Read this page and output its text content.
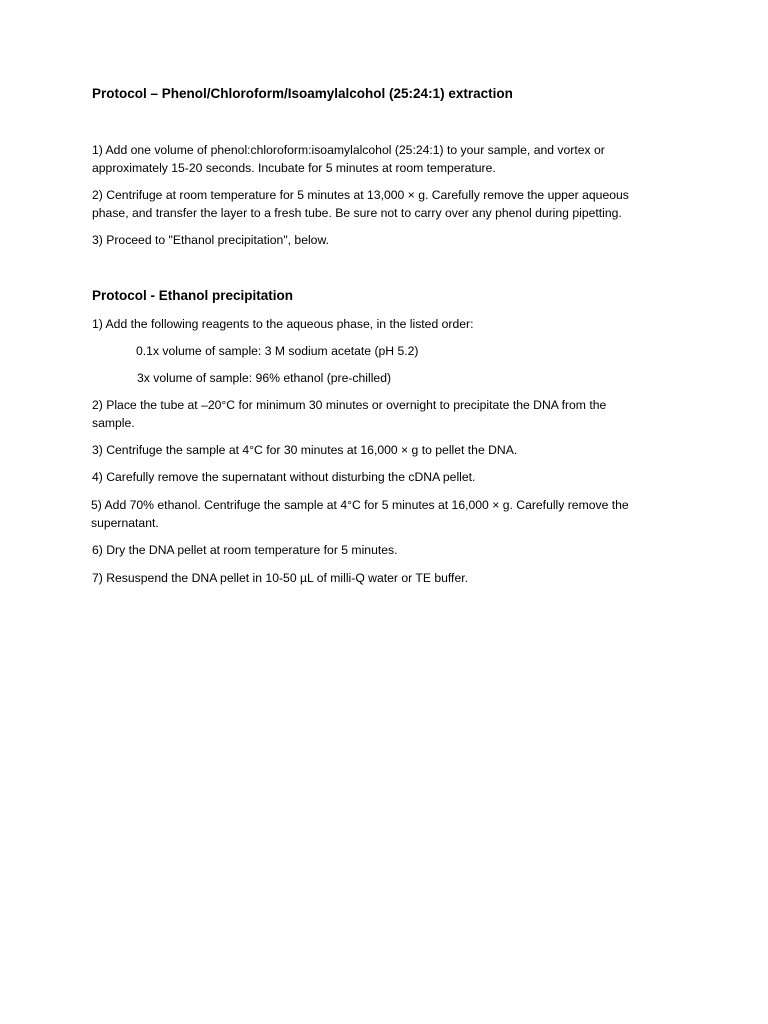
Protocol – Phenol/Chloroform/Isoamylalcohol (25:24:1) extraction
1) Add one volume of phenol:chloroform:isoamylalcohol (25:24:1) to your sample, and vortex or
approximately 15-20 seconds. Incubate for 5 minutes at room temperature.
2) Centrifuge at room temperature for 5 minutes at 13,000 × g. Carefully remove the upper aqueous
phase, and transfer the layer to a fresh tube. Be sure not to carry over any phenol during pipetting.
3) Proceed to "Ethanol precipitation", below.
Protocol - Ethanol precipitation
1) Add the following reagents to the aqueous phase, in the listed order:
0.1x volume of sample: 3 M sodium acetate (pH 5.2)
3x volume of sample: 96% ethanol (pre-chilled)
2) Place the tube at –20°C for minimum 30 minutes or overnight to precipitate the DNA from the
sample.
3) Centrifuge the sample at 4°C for 30 minutes at 16,000 × g to pellet the DNA.
4) Carefully remove the supernatant without disturbing the cDNA pellet.
5) Add 70% ethanol. Centrifuge the sample at 4°C for 5 minutes at 16,000 × g. Carefully remove the
supernatant.
6) Dry the DNA pellet at room temperature for 5 minutes.
7) Resuspend the DNA pellet in 10-50 µL of milli-Q water or TE buffer.
